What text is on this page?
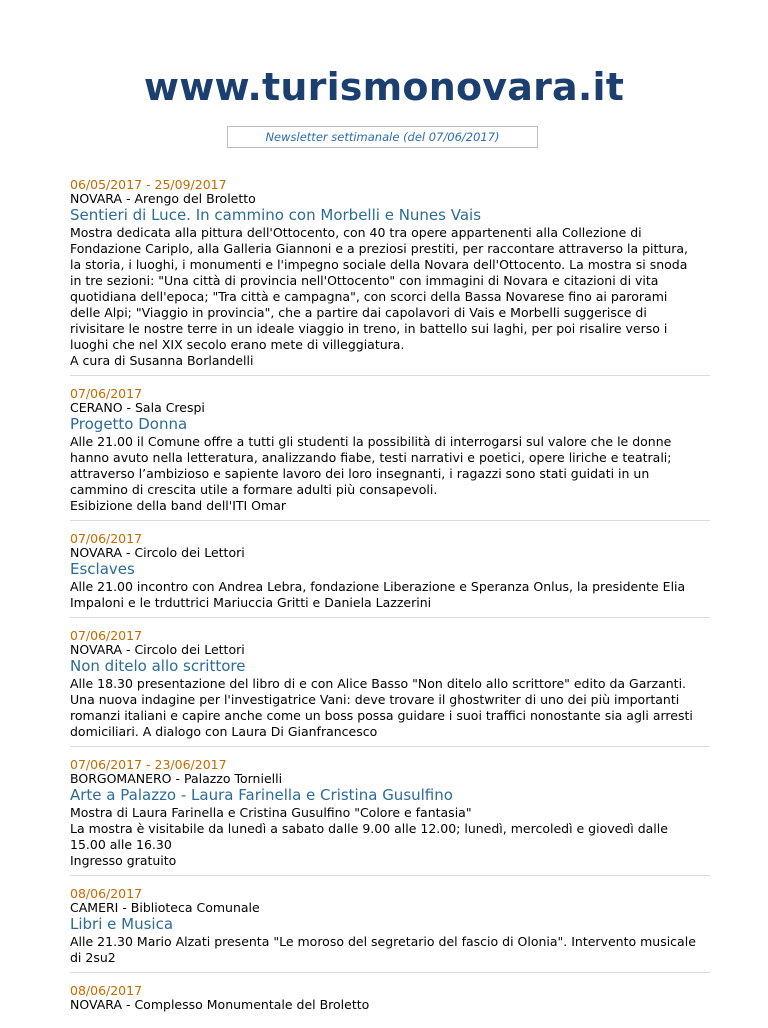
www.turismonovara.it
Newsletter settimanale (del 07/06/2017)
06/05/2017 - 25/09/2017
NOVARA - Arengo del Broletto
Sentieri di Luce. In cammino con Morbelli e Nunes Vais
Mostra dedicata alla pittura dell'Ottocento, con 40 tra opere appartenenti alla Collezione di
Fondazione Cariplo, alla Galleria Giannoni e a preziosi prestiti, per raccontare attraverso la pittura,
la storia, i luoghi, i monumenti e l'impegno sociale della Novara dell'Ottocento. La mostra si snoda
in tre sezioni: "Una città di provincia nell'Ottocento" con immagini di Novara e citazioni di vita
quotidiana dell'epoca; "Tra città e campagna", con scorci della Bassa Novarese fino ai parorami
delle Alpi; "Viaggio in provincia", che a partire dai capolavori di Vais e Morbelli suggerisce di
rivisitare le nostre terre in un ideale viaggio in treno, in battello sui laghi, per poi risalire verso i
luoghi che nel XIX secolo erano mete di villeggiatura.
A cura di Susanna Borlandelli
07/06/2017
CERANO - Sala Crespi
Progetto Donna
Alle 21.00 il Comune offre a tutti gli studenti la possibilità di interrogarsi sul valore che le donne
hanno avuto nella letteratura, analizzando fiabe, testi narrativi e poetici, opere liriche e teatrali;
attraverso l’ambizioso e sapiente lavoro dei loro insegnanti, i ragazzi sono stati guidati in un
cammino di crescita utile a formare adulti più consapevoli.
Esibizione della band dell'ITI Omar
07/06/2017
NOVARA - Circolo dei Lettori
Esclaves
Alle 21.00 incontro con Andrea Lebra, fondazione Liberazione e Speranza Onlus, la presidente Elia
Impaloni e le trduttrici Mariuccia Gritti e Daniela Lazzerini
07/06/2017
NOVARA - Circolo dei Lettori
Non ditelo allo scrittore
Alle 18.30 presentazione del libro di e con Alice Basso "Non ditelo allo scrittore" edito da Garzanti.
Una nuova indagine per l'investigatrice Vani: deve trovare il ghostwriter di uno dei più importanti
romanzi italiani e capire anche come un boss possa guidare i suoi traffici nonostante sia agli arresti
domiciliari. A dialogo con Laura Di Gianfrancesco
07/06/2017 - 23/06/2017
BORGOMANERO - Palazzo Tornielli
Arte a Palazzo - Laura Farinella e Cristina Gusulfino
Mostra di Laura Farinella e Cristina Gusulfino "Colore e fantasia"
La mostra è visitabile da lunedì a sabato dalle 9.00 alle 12.00; lunedì, mercoledì e giovedì dalle
15.00 alle 16.30
Ingresso gratuito
08/06/2017
CAMERI - Biblioteca Comunale
Libri e Musica
Alle 21.30 Mario Alzati presenta "Le moroso del segretario del fascio di Olonia". Intervento musicale
di 2su2
08/06/2017
NOVARA - Complesso Monumentale del Broletto
